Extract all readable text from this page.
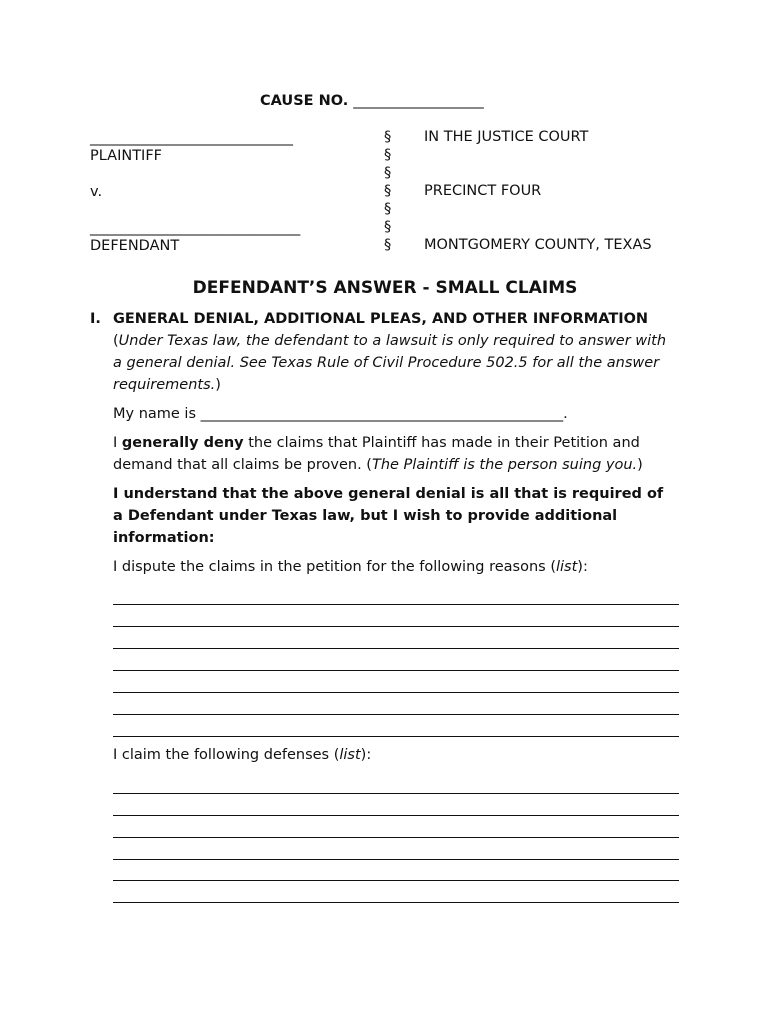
CAUSE NO. __________________
____________________________
PLAINTIFF
v.
_____________________________
DEFENDANT
§
§
§
§
§
§
§
IN THE JUSTICE COURT
PRECINCT FOUR
MONTGOMERY COUNTY, TEXAS
DEFENDANT’S ANSWER - SMALL CLAIMS
I. GENERAL DENIAL, ADDITIONAL PLEAS, AND OTHER INFORMATION

(Under Texas law, the defendant to a lawsuit is only required to answer with a general denial. See Texas Rule of Civil Procedure 502.5 for all the answer requirements.)

My name is __________________________________________________.

I generally deny the claims that Plaintiff has made in their Petition and demand that all claims be proven. (The Plaintiff is the person suing you.)

I understand that the above general denial is all that is required of a Defendant under Texas law, but I wish to provide additional information:

I dispute the claims in the petition for the following reasons (list):

I claim the following defenses (list):
